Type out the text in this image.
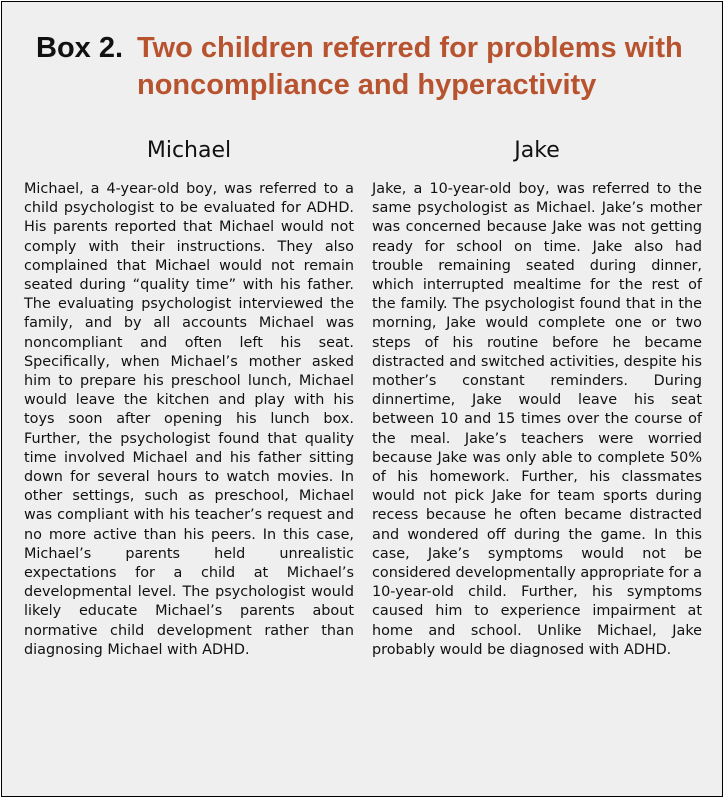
Box 2. Two children referred for problems with noncompliance and hyperactivity
Michael	Jake
Michael, a 4-year-old boy, was referred to a child psychologist to be evaluated for ADHD. His parents reported that Michael would not comply with their instructions. They also complained that Michael would not remain seated during “quality time” with his father. The evaluating psychologist interviewed the family, and by all accounts Michael was noncompliant and often left his seat. Specifically, when Michael’s mother asked him to prepare his preschool lunch, Michael would leave the kitchen and play with his toys soon after opening his lunch box. Further, the psychologist found that quality time involved Michael and his father sitting down for several hours to watch movies. In other settings, such as preschool, Michael was compliant with his teacher’s request and no more active than his peers. In this case, Michael’s parents held unrealistic expectations for a child at Michael’s developmental level. The psychologist would likely educate Michael’s parents about normative child development rather than diagnosing Michael with ADHD.
Jake, a 10-year-old boy, was referred to the same psychologist as Michael. Jake’s mother was concerned because Jake was not getting ready for school on time. Jake also had trouble remaining seated during dinner, which interrupted mealtime for the rest of the family. The psychologist found that in the morning, Jake would complete one or two steps of his routine before he became distracted and switched activities, despite his mother’s constant reminders. During dinnertime, Jake would leave his seat between 10 and 15 times over the course of the meal. Jake’s teachers were worried because Jake was only able to complete 50% of his homework. Further, his classmates would not pick Jake for team sports during recess because he often became distracted and wondered off during the game. In this case, Jake’s symptoms would not be considered developmentally appropriate for a 10-year-old child. Further, his symptoms caused him to experience impairment at home and school. Unlike Michael, Jake probably would be diagnosed with ADHD.
